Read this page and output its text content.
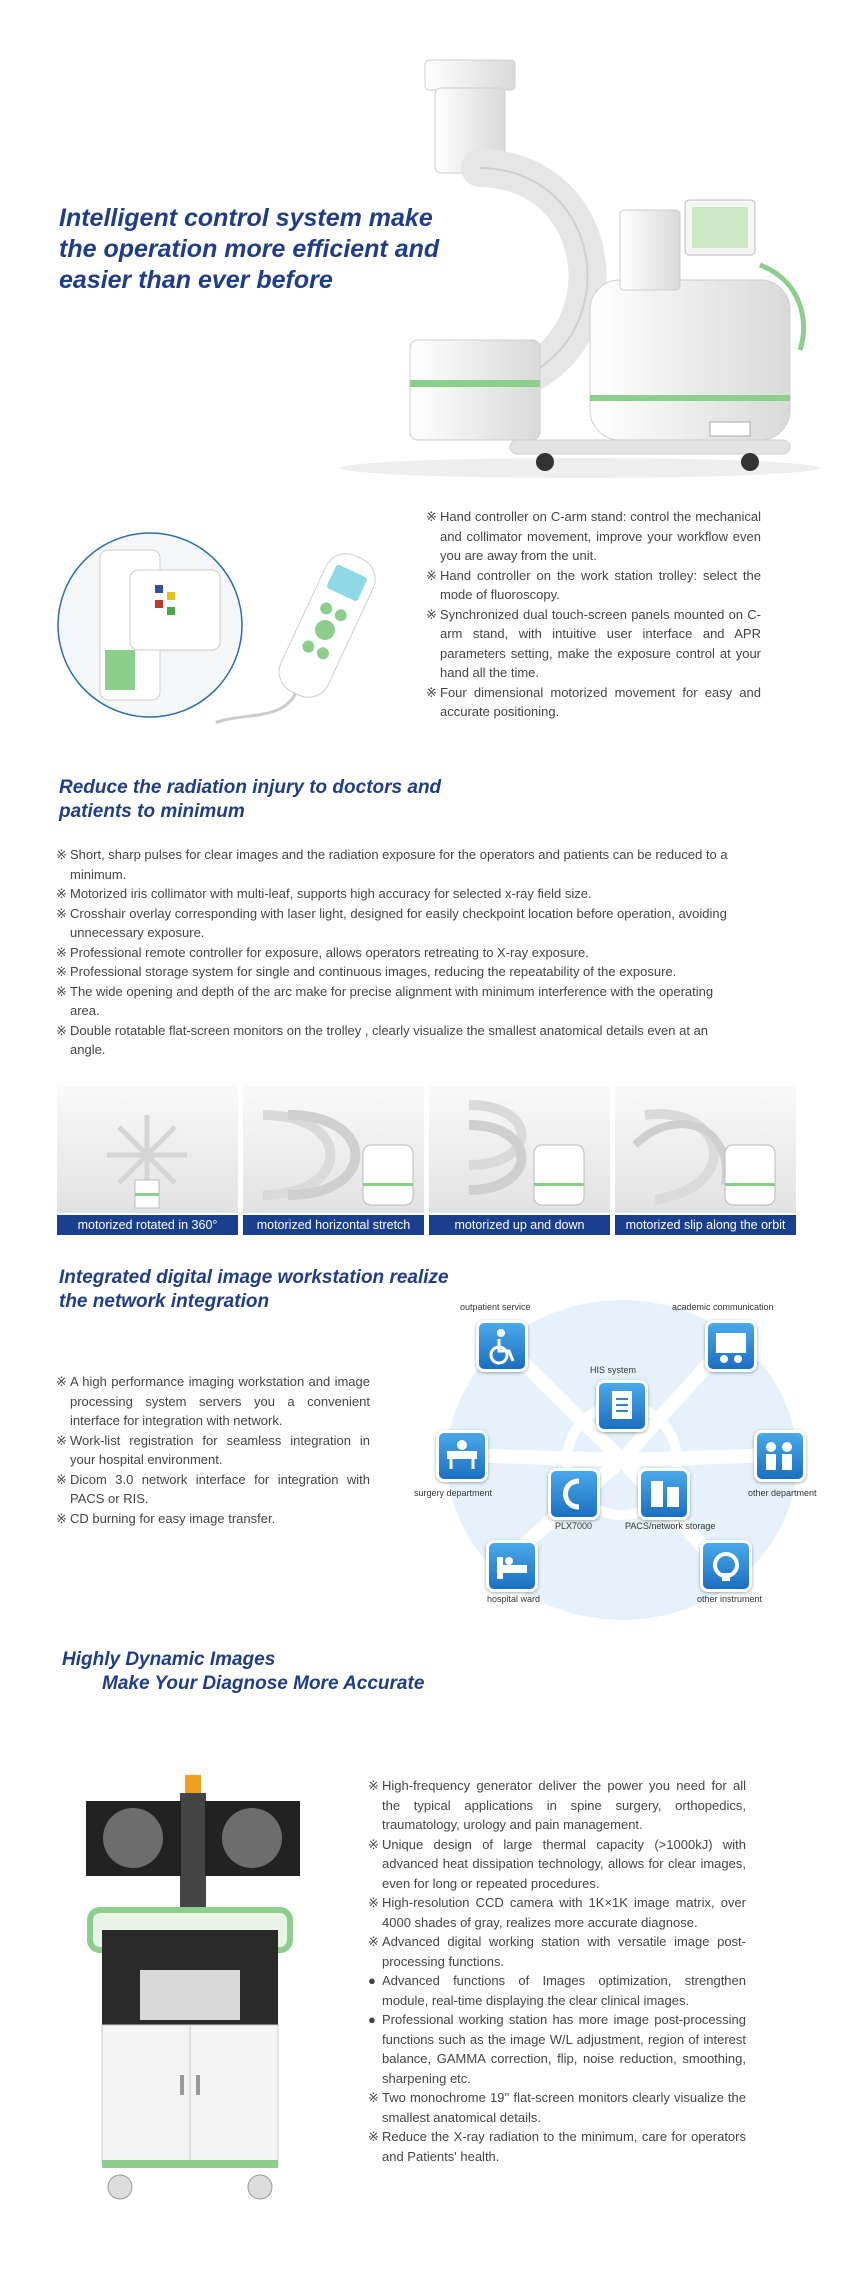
Intelligent control system make
the operation more efficient and
easier than ever before
※ Hand controller on C-arm stand: control the mechanical and collimator movement, improve your workflow even you are away from the unit.
※ Hand controller on the work station trolley: select the mode of fluoroscopy.
※ Synchronized dual touch-screen panels mounted on C-arm stand, with intuitive user interface and APR parameters setting, make the exposure control at your hand all the time.
※ Four dimensional motorized movement for easy and accurate positioning.
Reduce the radiation injury to doctors and
patients to minimum
※ Short, sharp pulses for clear images and the radiation exposure for the operators and patients can be reduced to a minimum.
※ Motorized iris collimator with multi-leaf, supports high accuracy for selected x-ray field size.
※ Crosshair overlay corresponding with laser light, designed for easily checkpoint location before operation, avoiding unnecessary exposure.
※ Professional remote controller for exposure, allows operators retreating to X-ray exposure.
※ Professional storage system for single and continuous images, reducing the repeatability of the exposure.
※ The wide opening and depth of the arc make for precise alignment with minimum interference with the operating area.
※ Double rotatable flat-screen monitors on the trolley , clearly visualize the smallest anatomical details even at an angle.
motorized rotated in 360°	motorized horizontal stretch	motorized up and down	motorized slip along the orbit
Integrated digital image workstation realize
the network integration
※ A high performance imaging workstation and image processing system servers you a convenient interface for integration with network.
※ Work-list registration for seamless integration in your hospital environment.
※ Dicom 3.0 network interface for integration with PACS or RIS.
※ CD burning for easy image transfer.
outpatient service	academic communication
HIS system
surgery department	other department
PLX7000	PACS/network storage
hospital ward	other instrument
Highly Dynamic Images
Make Your Diagnose More Accurate
※ High-frequency generator deliver the power you need for all the typical applications in spine surgery, orthopedics, traumatology, urology and pain management.
※ Unique design of large thermal capacity (>1000kJ) with advanced heat dissipation technology, allows for clear images, even for long or repeated procedures.
※ High-resolution CCD camera with 1K×1K image matrix, over 4000 shades of gray, realizes more accurate diagnose.
※ Advanced digital working station with versatile image post-processing functions.
● Advanced functions of Images optimization, strengthen module, real-time displaying the clear clinical images.
● Professional working station has more image post-processing functions such as the image W/L adjustment, region of interest balance, GAMMA correction, flip, noise reduction, smoothing, sharpening etc.
※ Two monochrome 19'' flat-screen monitors clearly visualize the smallest anatomical details.
※ Reduce the X-ray radiation to the minimum, care for operators and Patients' health.
